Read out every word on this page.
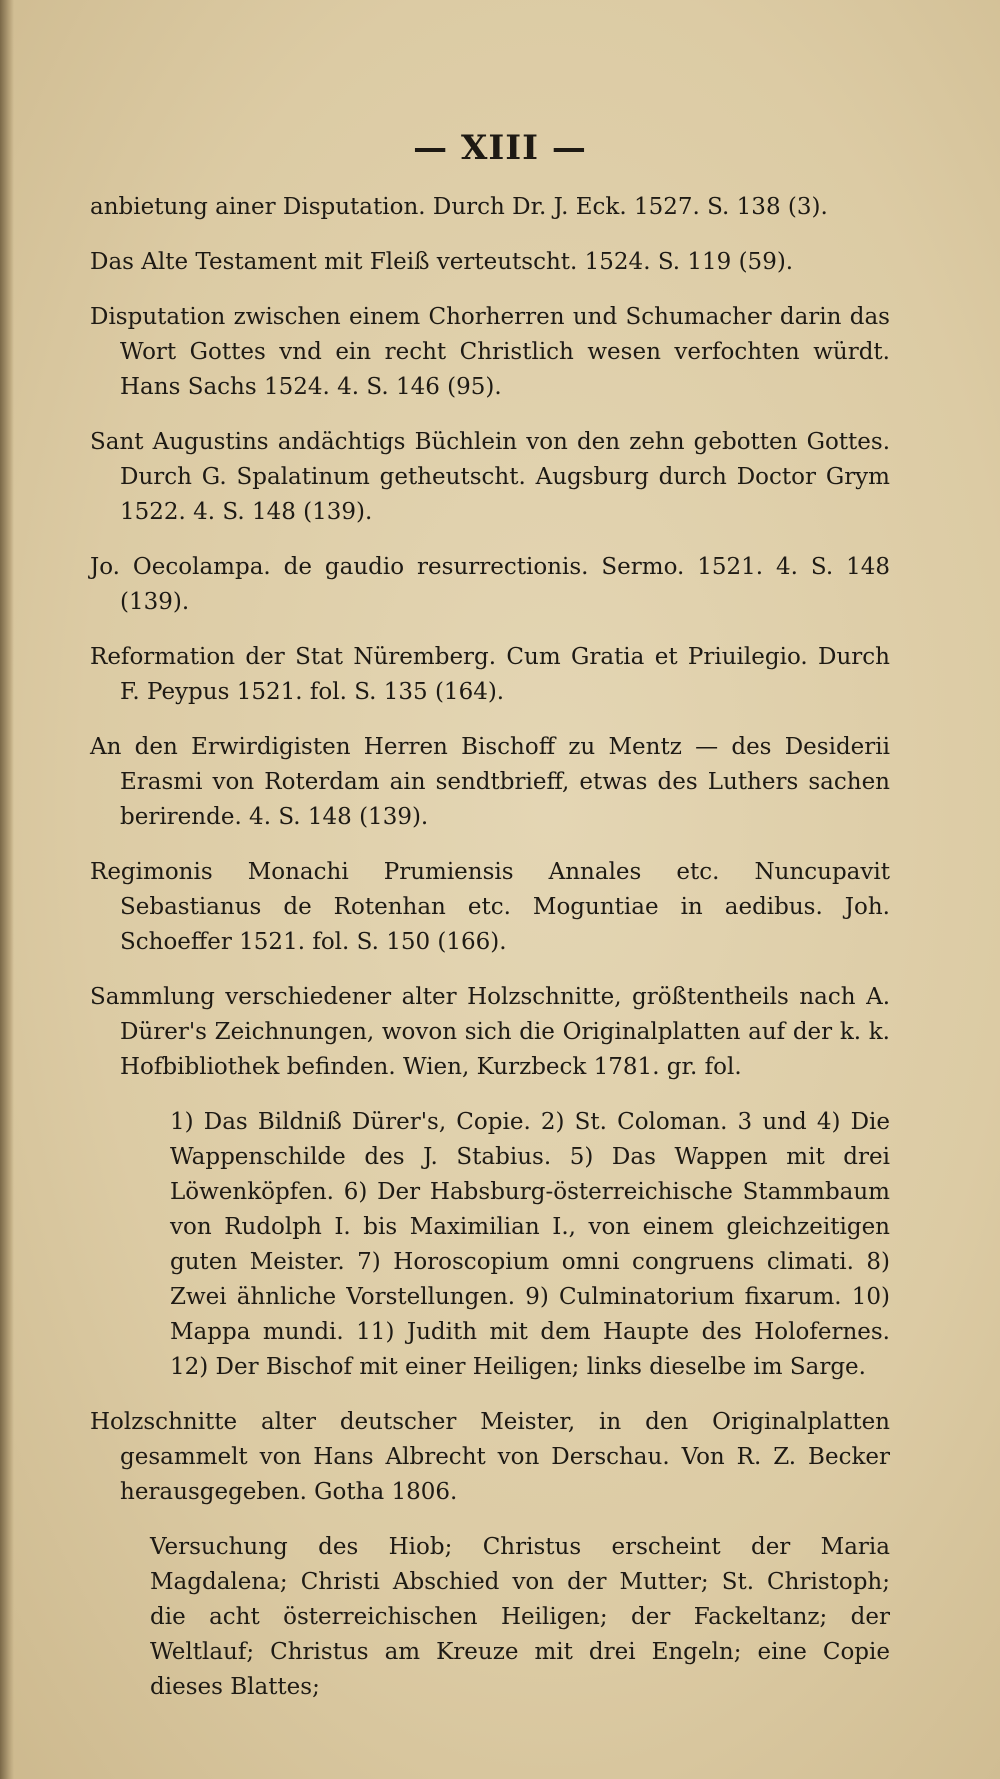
— XIII —

anbietung ainer Disputation. Durch Dr. J. Eck. 1527. S. 138 (3).

Das Alte Testament mit Fleiß verteutscht. 1524. S. 119 (59).

Disputation zwischen einem Chorherren und Schumacher darin das Wort Gottes vnd ein recht Christlich wesen verfochten würdt. Hans Sachs 1524. 4. S. 146 (95).

Sant Augustins andächtigs Büchlein von den zehn gebotten Gottes. Durch G. Spalatinum getheutscht. Augsburg durch Doctor Grym 1522. 4. S. 148 (139).

Jo. Oecolampa. de gaudio resurrectionis. Sermo. 1521. 4. S. 148 (139).

Reformation der Stat Nüremberg. Cum Gratia et Priuilegio. Durch F. Peypus 1521. fol. S. 135 (164).

An den Erwirdigisten Herren Bischoff zu Mentz — des Desiderii Erasmi von Roterdam ain sendtbrieff, etwas des Luthers sachen berirende. 4. S. 148 (139).

Regimonis Monachi Prumiensis Annales etc. Nuncupavit Sebastianus de Rotenhan etc. Moguntiae in aedibus. Joh. Schoeffer 1521. fol. S. 150 (166).

Sammlung verschiedener alter Holzschnitte, größtentheils nach A. Dürer's Zeichnungen, wovon sich die Originalplatten auf der k. k. Hofbibliothek befinden. Wien, Kurzbeck 1781. gr. fol.

1) Das Bildniß Dürer's, Copie. 2) St. Coloman. 3 und 4) Die Wappenschilde des J. Stabius. 5) Das Wappen mit drei Löwenköpfen. 6) Der Habsburg-österreichische Stammbaum von Rudolph I. bis Maximilian I., von einem gleichzeitigen guten Meister. 7) Horoscopium omni congruens climati. 8) Zwei ähnliche Vorstellungen. 9) Culminatorium fixarum. 10) Mappa mundi. 11) Judith mit dem Haupte des Holofernes. 12) Der Bischof mit einer Heiligen; links dieselbe im Sarge.

Holzschnitte alter deutscher Meister, in den Originalplatten gesammelt von Hans Albrecht von Derschau. Von R. Z. Becker herausgegeben. Gotha 1806.

Versuchung des Hiob; Christus erscheint der Maria Magdalena; Christi Abschied von der Mutter; St. Christoph; die acht österreichischen Heiligen; der Fackeltanz; der Weltlauf; Christus am Kreuze mit drei Engeln; eine Copie dieses Blattes;
